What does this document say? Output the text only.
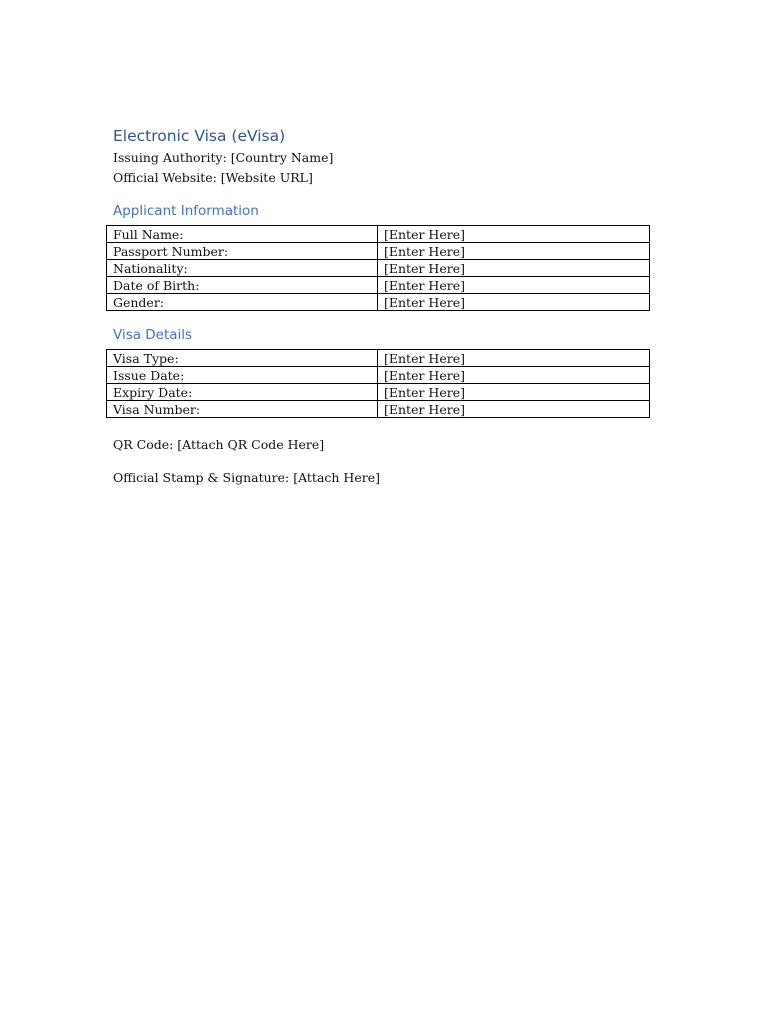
Electronic Visa (eVisa)

Issuing Authority: [Country Name]

Official Website: [Website URL]

Applicant Information
Full Name:	[Enter Here]
Passport Number:	[Enter Here]
Nationality:	[Enter Here]
Date of Birth:	[Enter Here]
Gender:	[Enter Here]
Visa Details
Visa Type:	[Enter Here]
Issue Date:	[Enter Here]
Expiry Date:	[Enter Here]
Visa Number:	[Enter Here]

QR Code: [Attach QR Code Here]

Official Stamp & Signature: [Attach Here]
